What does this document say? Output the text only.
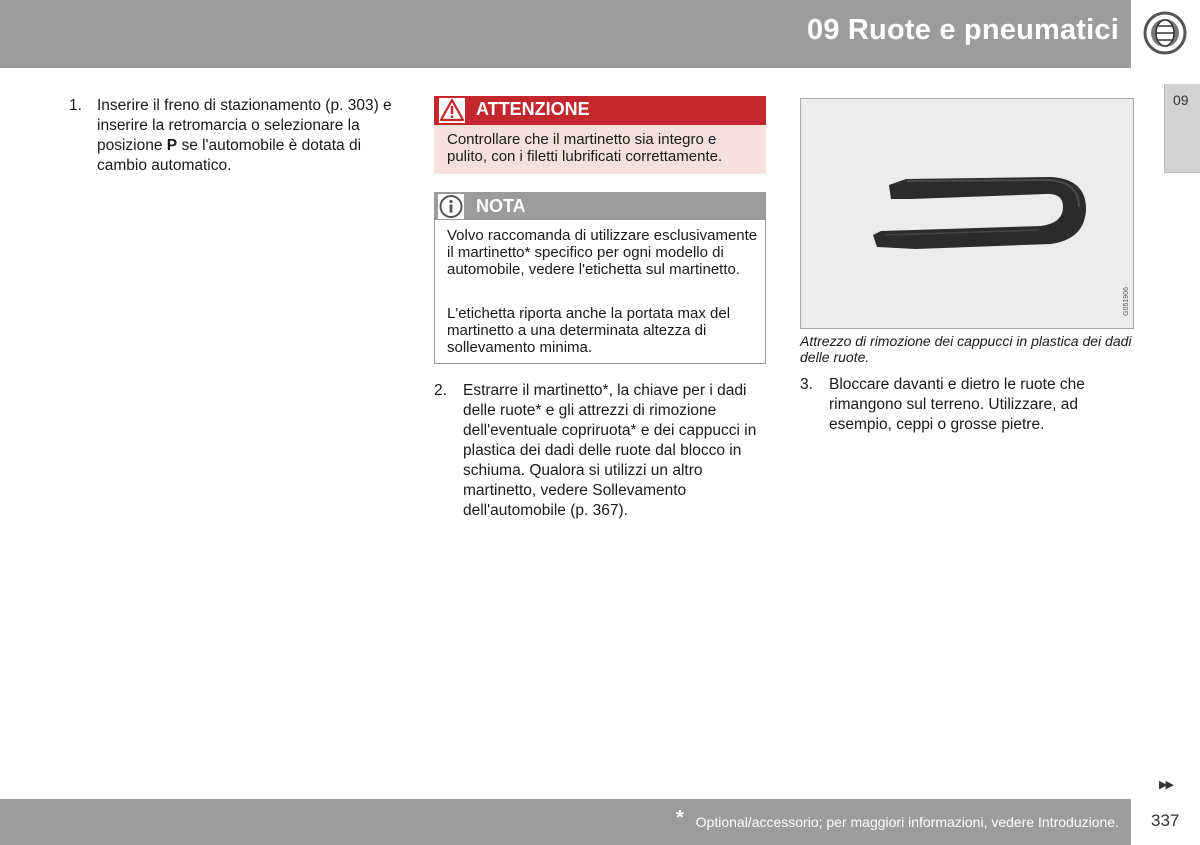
09 Ruote e pneumatici
09
1. Inserire il freno di stazionamento (p. 303) e inserire la retromarcia o selezionare la posizione P se l'automobile è dotata di cambio automatico.
ATTENZIONE
Controllare che il martinetto sia integro e pulito, con i filetti lubrificati correttamente.
NOTA
Volvo raccomanda di utilizzare esclusivamente il martinetto* specifico per ogni modello di automobile, vedere l'etichetta sul martinetto.
L'etichetta riporta anche la portata max del martinetto a una determinata altezza di sollevamento minima.
2. Estrarre il martinetto*, la chiave per i dadi delle ruote* e gli attrezzi di rimozione dell'eventuale copriruota* e dei cappucci in plastica dei dadi delle ruote dal blocco in schiuma. Qualora si utilizzi un altro martinetto, vedere Sollevamento dell'automobile (p. 367).
G051906
Attrezzo di rimozione dei cappucci in plastica dei dadi delle ruote.
3. Bloccare davanti e dietro le ruote che rimangono sul terreno. Utilizzare, ad esempio, ceppi o grosse pietre.
▶▶
* Optional/accessorio; per maggiori informazioni, vedere Introduzione. 337
